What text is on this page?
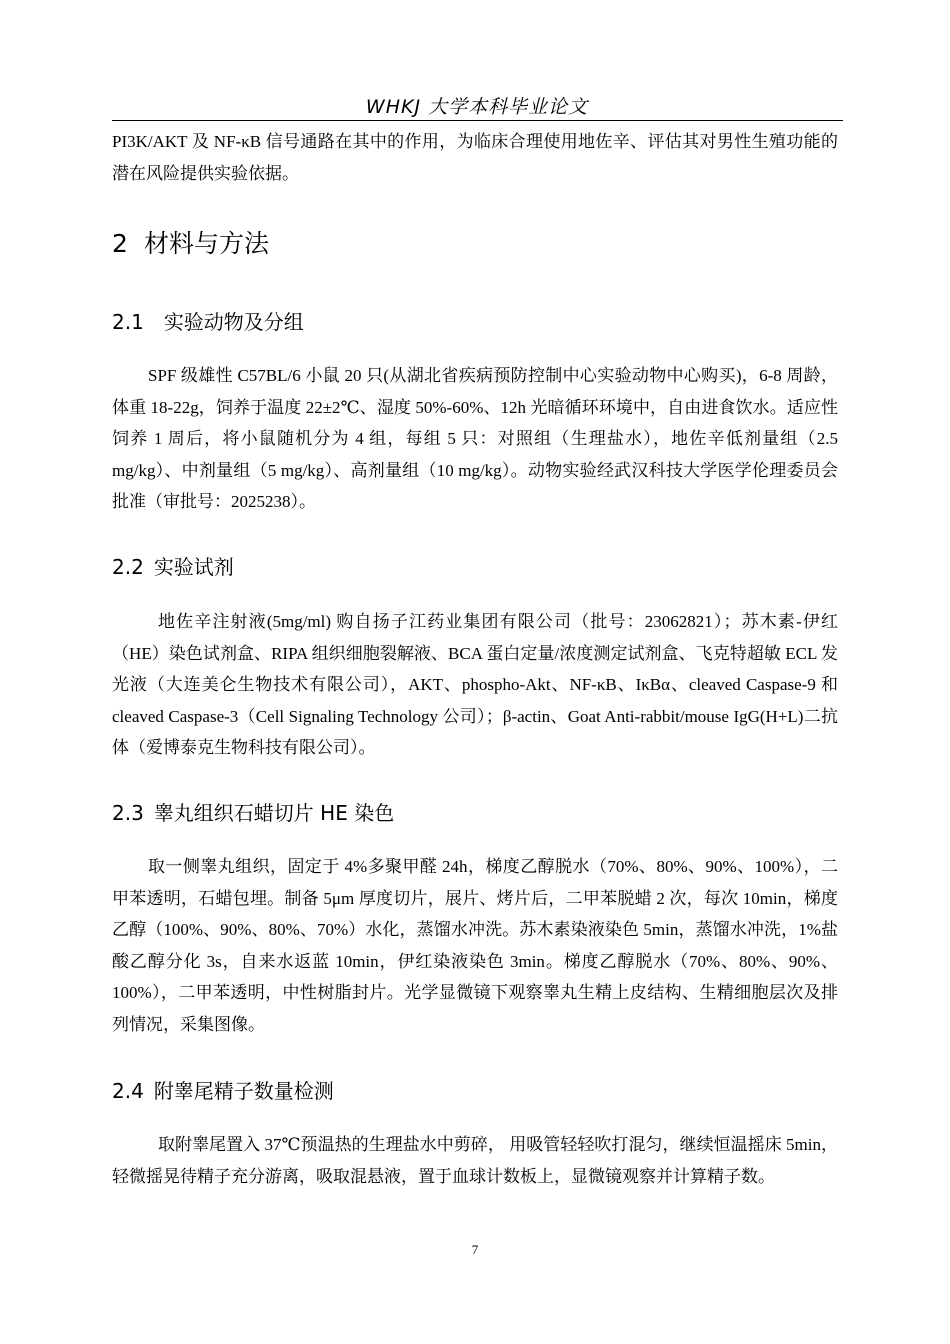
WHKJ 大学本科毕业论文
PI3K/AKT 及 NF-κB 信号通路在其中的作用，为临床合理使用地佐辛、评估其对男性生殖功能的潜在风险提供实验依据。
2 材料与方法
2.1 实验动物及分组
SPF 级雄性 C57BL/6 小鼠 20 只(从湖北省疾病预防控制中心实验动物中心购买)，6-8 周龄，体重 18-22g，饲养于温度 22±2℃、湿度 50%-60%、12h 光暗循环环境中，自由进食饮水。适应性饲养 1 周后，将小鼠随机分为 4 组，每组 5 只：对照组（生理盐水），地佐辛低剂量组（2.5 mg/kg）、中剂量组（5 mg/kg）、高剂量组（10 mg/kg）。动物实验经武汉科技大学医学伦理委员会批准（审批号：2025238）。
2.2 实验试剂
地佐辛注射液(5mg/ml) 购自扬子江药业集团有限公司（批号：23062821）；苏木素-伊红（HE）染色试剂盒、RIPA 组织细胞裂解液、BCA 蛋白定量/浓度测定试剂盒、飞克特超敏 ECL 发光液（大连美仑生物技术有限公司），AKT、phospho-Akt、NF-κB、IκBα、cleaved Caspase-9 和 cleaved Caspase-3（Cell Signaling Technology 公司）；β-actin、Goat Anti-rabbit/mouse IgG(H+L)二抗体（爱博泰克生物科技有限公司）。
2.3 睾丸组织石蜡切片 HE 染色
取一侧睾丸组织，固定于 4%多聚甲醛 24h，梯度乙醇脱水（70%、80%、90%、100%），二甲苯透明，石蜡包埋。制备 5μm 厚度切片，展片、烤片后，二甲苯脱蜡 2 次，每次 10min，梯度乙醇（100%、90%、80%、70%）水化，蒸馏水冲洗。苏木素染液染色 5min，蒸馏水冲洗，1%盐酸乙醇分化 3s，自来水返蓝 10min，伊红染液染色 3min。梯度乙醇脱水（70%、80%、90%、100%），二甲苯透明，中性树脂封片。光学显微镜下观察睾丸生精上皮结构、生精细胞层次及排列情况，采集图像。
2.4 附睾尾精子数量检测
取附睾尾置入 37℃预温热的生理盐水中剪碎， 用吸管轻轻吹打混匀，继续恒温摇床 5min，轻微摇晃待精子充分游离，吸取混悬液，置于血球计数板上，显微镜观察并计算精子数。
7
